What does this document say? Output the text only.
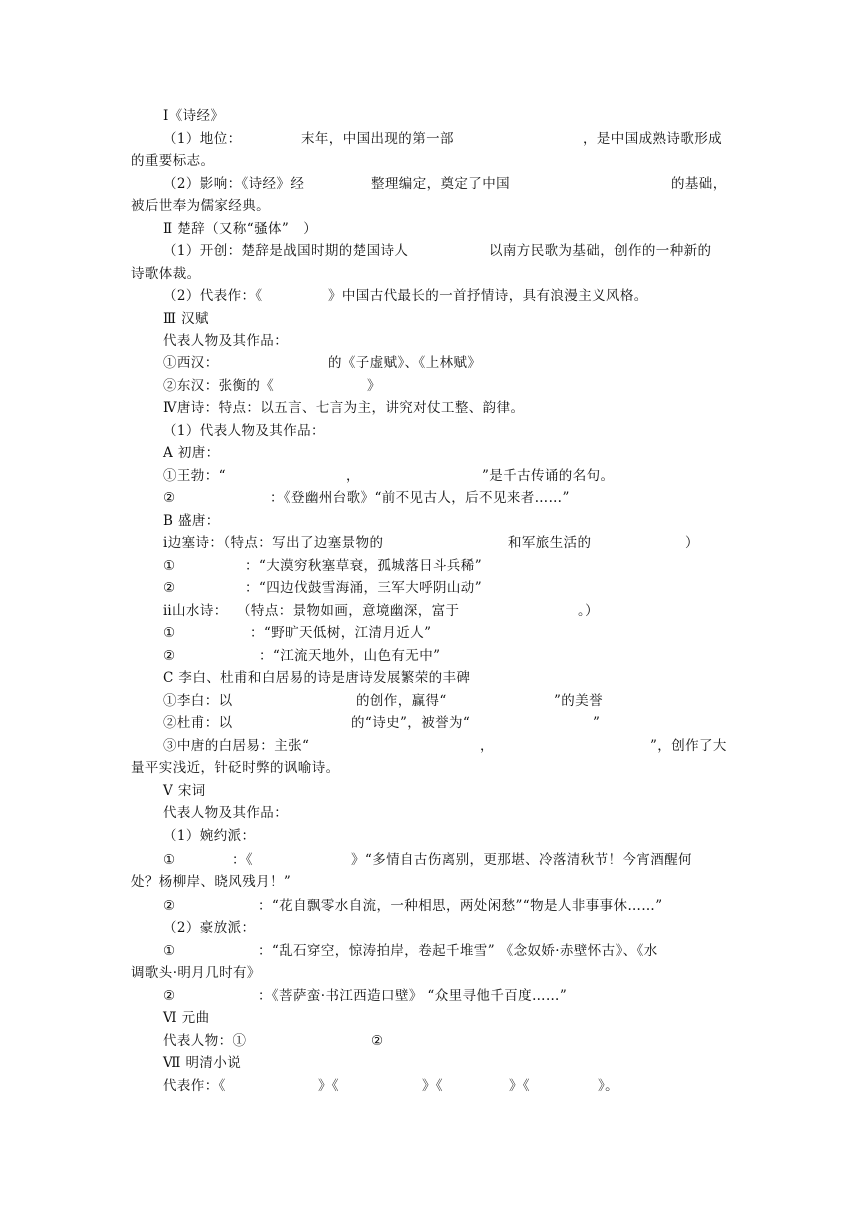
Ⅰ《诗经》
（1）地位：	末年，中国出现的第一部	，是中国成熟诗歌形成
的重要标志。
（2）影响：《诗经》经	整理编定，奠定了中国	的基础，
被后世奉为儒家经典。
Ⅱ 楚辞（又称“骚体”   ）
（1）开创：楚辞是战国时期的楚国诗人	以南方民歌为基础，创作的一种新的
诗歌体裁。
（2）代表作：《	》中国古代最长的一首抒情诗，具有浪漫主义风格。
Ⅲ 汉赋
代表人物及其作品：
①西汉：	的《子虚赋》、《上林赋》
②东汉：张衡的《	》
Ⅳ唐诗：特点：以五言、七言为主，讲究对仗工整、韵律。
（1）代表人物及其作品：
A 初唐：
①王勃：“	，	”是千古传诵的名句。
②	：《登幽州台歌》“前不见古人，后不见来者……”
B 盛唐：
ⅰ边塞诗：（特点：写出了边塞景物的	和军旅生活的	）
①	：“大漠穷秋塞草衰，孤城落日斗兵稀”
②	：“四边伐鼓雪海涌，三军大呼阴山动”
ⅱ山水诗：  （特点：景物如画，意境幽深，富于	。）
①	：“野旷天低树，江清月近人”
②	：“江流天地外，山色有无中”
C 李白、杜甫和白居易的诗是唐诗发展繁荣的丰碑
①李白：以	的创作，赢得“	”的美誉
②杜甫：以	的“诗史”，被誉为“	”
③中唐的白居易：主张“	，	”，创作了大
量平实浅近，针砭时弊的讽喻诗。
Ⅴ 宋词
代表人物及其作品：
（1）婉约派：
①	：《	》“多情自古伤离别，更那堪、冷落清秋节！今宵酒醒何
处？杨柳岸、晓风残月！”
②	：“花自飘零水自流，一种相思，两处闲愁”“物是人非事事休……”
（2）豪放派：
①	：“乱石穿空，惊涛拍岸，卷起千堆雪” 《念奴娇·赤壁怀古》、《水
调歌头·明月几时有》
②	：《菩萨蛮·书江西造口壁》 “众里寻他千百度……”
Ⅵ 元曲
代表人物：①	②
Ⅶ 明清小说
代表作：《	》《	》《	》《	》。
